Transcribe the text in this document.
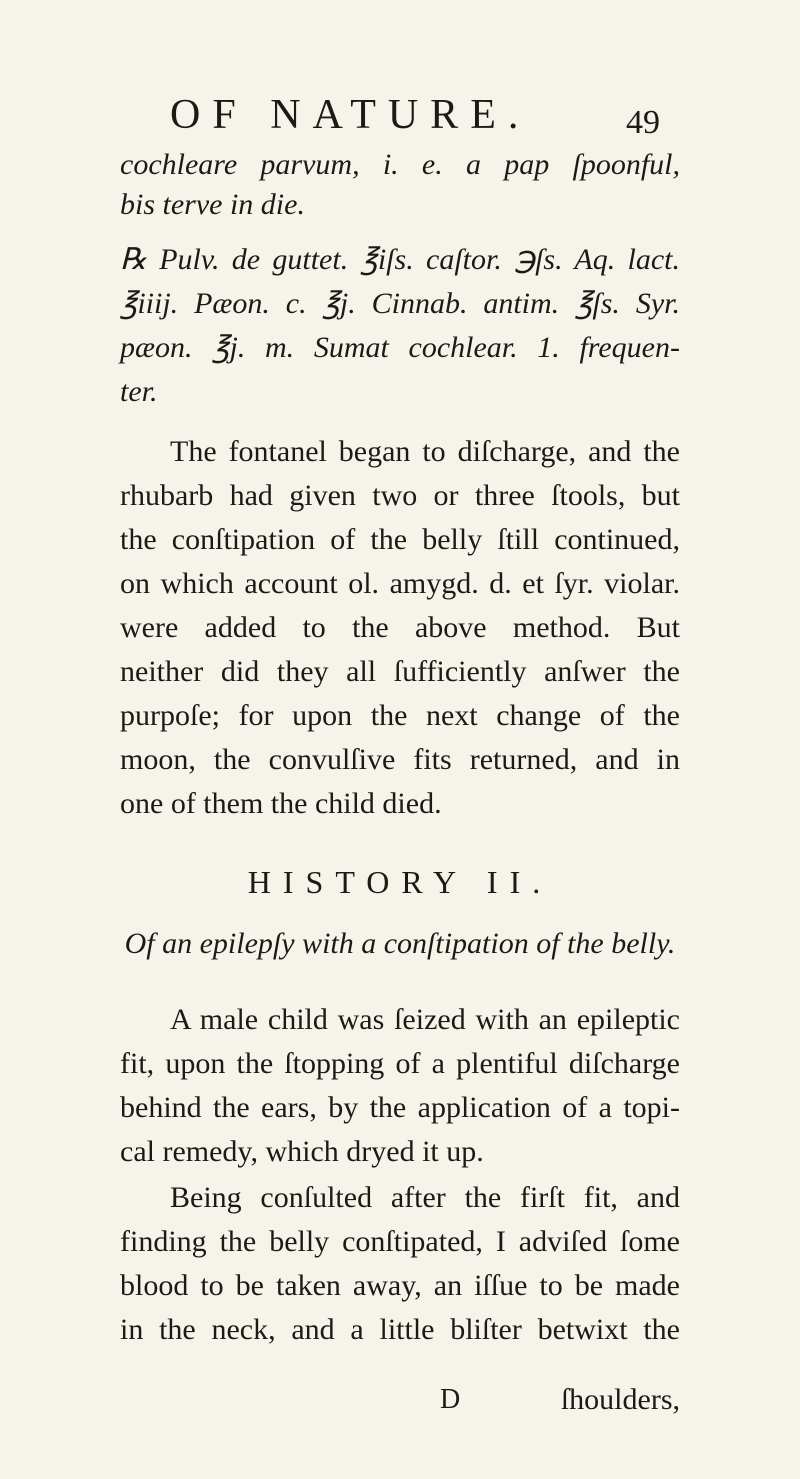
OF NATURE.	49
cochleare parvum, i. e. a pap ſpoonful,
bis terve in die.
℞ Pulv. de guttet. ℥iſs. caſtor. ℈ſs. Aq. lact.
℥iiij. Pæon. c. ℥j. Cinnab. antim. ℥ſs. Syr.
pæon. ℥j. m. Sumat cochlear. 1. frequen-
ter.
The fontanel began to diſcharge, and the
rhubarb had given two or three ſtools, but
the conſtipation of the belly ſtill continued,
on which account ol. amygd. d. et ſyr. violar.
were added to the above method. But
neither did they all ſufficiently anſwer the
purpoſe; for upon the next change of the
moon, the convulſive fits returned, and in
one of them the child died.
HISTORY II.
Of an epilepſy with a conſtipation of the belly.
A male child was ſeized with an epileptic
fit, upon the ſtopping of a plentiful diſcharge
behind the ears, by the application of a topi-
cal remedy, which dryed it up.
Being conſulted after the firſt fit, and
finding the belly conſtipated, I adviſed ſome
blood to be taken away, an iſſue to be made
in the neck, and a little bliſter betwixt the
D	ſhoulders,
